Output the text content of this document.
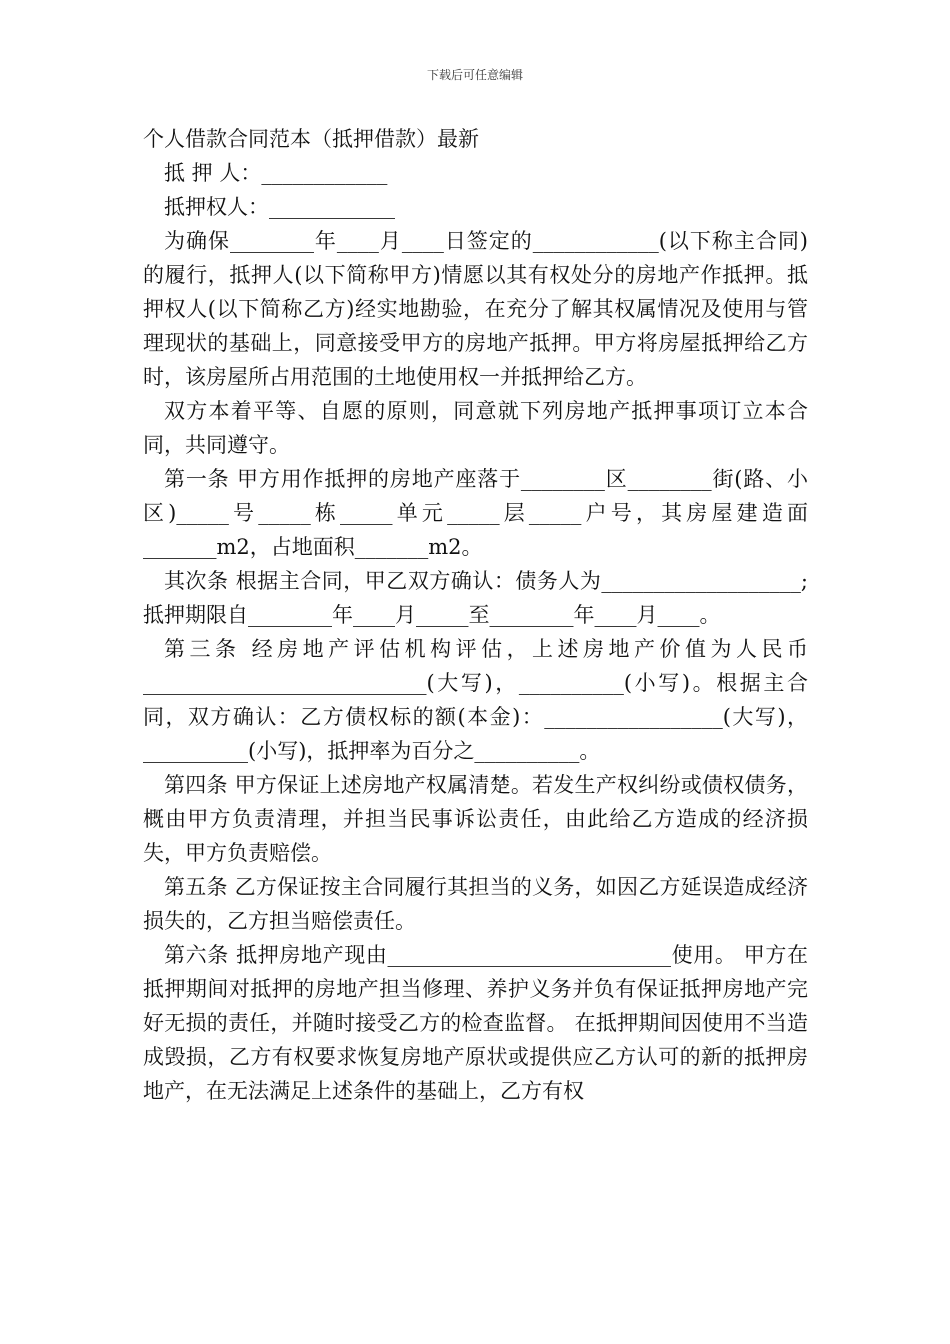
下载后可任意编辑
个人借款合同范本（抵押借款）最新

抵 押 人：____________

抵押权人：____________

为确保________年____月____日签定的____________(以下称主合同)的履行，抵押人(以下简称甲方)情愿以其有权处分的房地产作抵押。抵押权人(以下简称乙方)经实地勘验，在充分了解其权属情况及使用与管理现状的基础上，同意接受甲方的房地产抵押。甲方将房屋抵押给乙方时，该房屋所占用范围的土地使用权一并抵押给乙方。

双方本着平等、自愿的原则，同意就下列房地产抵押事项订立本合同，共同遵守。

第一条 甲方用作抵押的房地产座落于________区________街(路、小区)_____号_____栋_____单元_____层_____户号，其房屋建造面_______m2，占地面积_______m2。

其次条 根据主合同，甲乙双方确认：债务人为___________________;抵押期限自________年____月_____至________年____月____。

第三条 经房地产评估机构评估，上述房地产价值为人民币___________________________(大写)，__________(小写)。根据主合同，双方确认：乙方债权标的额(本金)：_________________(大写)，__________(小写)，抵押率为百分之__________。

第四条 甲方保证上述房地产权属清楚。若发生产权纠纷或债权债务，概由甲方负责清理，并担当民事诉讼责任，由此给乙方造成的经济损失，甲方负责赔偿。

第五条 乙方保证按主合同履行其担当的义务，如因乙方延误造成经济损失的，乙方担当赔偿责任。

第六条 抵押房地产现由___________________________使用。 甲方在抵押期间对抵押的房地产担当修理、养护义务并负有保证抵押房地产完好无损的责任，并随时接受乙方的检查监督。 在抵押期间因使用不当造成毁损，乙方有权要求恢复房地产原状或提供应乙方认可的新的抵押房地产，在无法满足上述条件的基础上，乙方有权
